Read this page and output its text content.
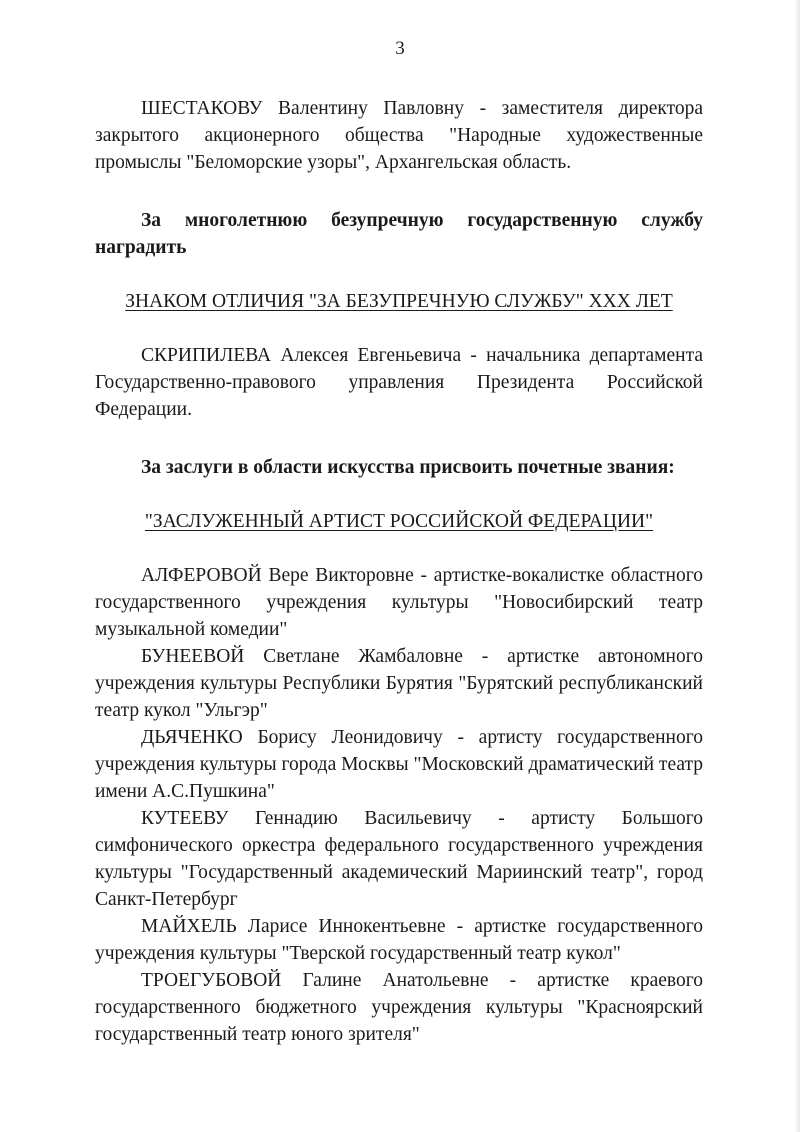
3

ШЕСТАКОВУ Валентину Павловну - заместителя директора закрытого акционерного общества "Народные художественные промыслы "Беломорские узоры", Архангельская область.

За многолетнюю безупречную государственную службу наградить

ЗНАКОМ ОТЛИЧИЯ "ЗА БЕЗУПРЕЧНУЮ СЛУЖБУ" XXX ЛЕТ

СКРИПИЛЕВА Алексея Евгеньевича - начальника департамента Государственно-правового управления Президента Российской Федерации.

За заслуги в области искусства присвоить почетные звания:

"ЗАСЛУЖЕННЫЙ АРТИСТ РОССИЙСКОЙ ФЕДЕРАЦИИ"

АЛФЕРОВОЙ Вере Викторовне - артистке-вокалистке областного государственного учреждения культуры "Новосибирский театр музыкальной комедии"

БУНЕЕВОЙ Светлане Жамбаловне - артистке автономного учреждения культуры Республики Бурятия "Бурятский республиканский театр кукол "Ульгэр"

ДЬЯЧЕНКО Борису Леонидовичу - артисту государственного учреждения культуры города Москвы "Московский драматический театр имени А.С.Пушкина"

КУТЕЕВУ Геннадию Васильевичу - артисту Большого симфонического оркестра федерального государственного учреждения культуры "Государственный академический Мариинский театр", город Санкт-Петербург

МАЙХЕЛЬ Ларисе Иннокентьевне - артистке государственного учреждения культуры "Тверской государственный театр кукол"

ТРОЕГУБОВОЙ Галине Анатольевне - артистке краевого государственного бюджетного учреждения культуры "Красноярский государственный театр юного зрителя"
